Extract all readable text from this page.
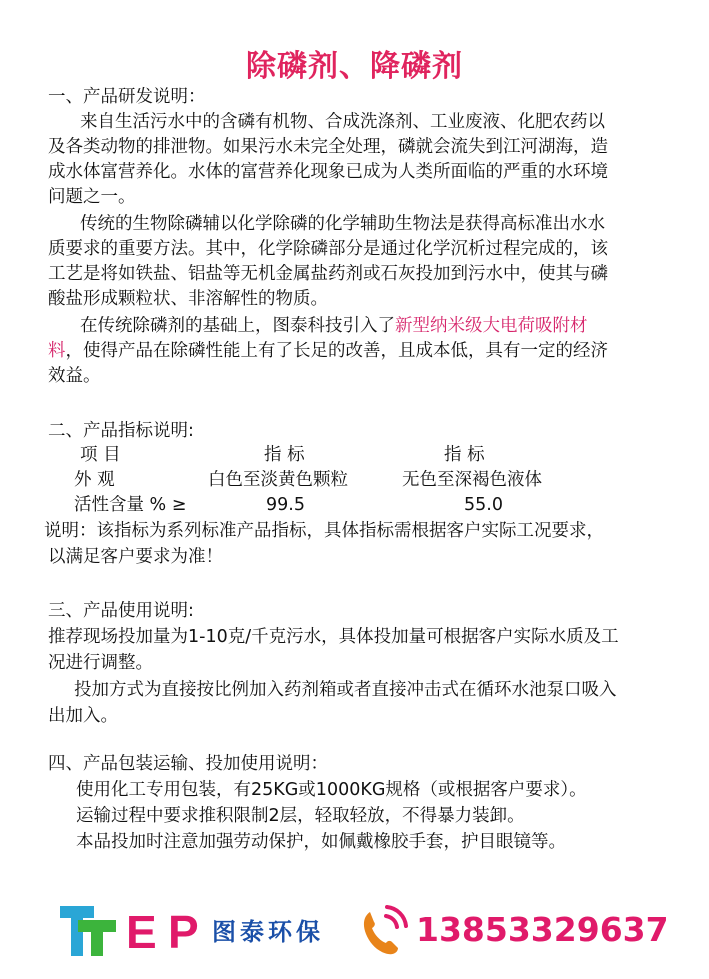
除磷剂、降磷剂
一、产品研发说明：
来自生活污水中的含磷有机物、合成洗涤剂、工业废液、化肥农药以
及各类动物的排泄物。如果污水未完全处理，磷就会流失到江河湖海，造
成水体富营养化。水体的富营养化现象已成为人类所面临的严重的水环境
问题之一。
传统的生物除磷辅以化学除磷的化学辅助生物法是获得高标准出水水
质要求的重要方法。其中，化学除磷部分是通过化学沉析过程完成的，该
工艺是将如铁盐、铝盐等无机金属盐药剂或石灰投加到污水中，使其与磷
酸盐形成颗粒状、非溶解性的物质。
在传统除磷剂的基础上，图泰科技引入了新型纳米级大电荷吸附材
料，使得产品在除磷性能上有了长足的改善，且成本低，具有一定的经济
效益。
二、产品指标说明:
项 目	指 标	指 标
外 观	白色至淡黄色颗粒	无色至深褐色液体
活性含量 % ≥	99.5	55.0
说明：该指标为系列标准产品指标，具体指标需根据客户实际工况要求，
以满足客户要求为准！
三、产品使用说明:
推荐现场投加量为1-10克/千克污水，具体投加量可根据客户实际水质及工
况进行调整。
投加方式为直接按比例加入药剂箱或者直接冲击式在循环水池泵口吸入
出加入。
四、产品包装运输、投加使用说明：
使用化工专用包装，有25KG或1000KG规格（或根据客户要求）。
运输过程中要求推积限制2层，轻取轻放，不得暴力装卸。
本品投加时注意加强劳动保护，如佩戴橡胶手套，护目眼镜等。
E P 图泰环保	13853329637
